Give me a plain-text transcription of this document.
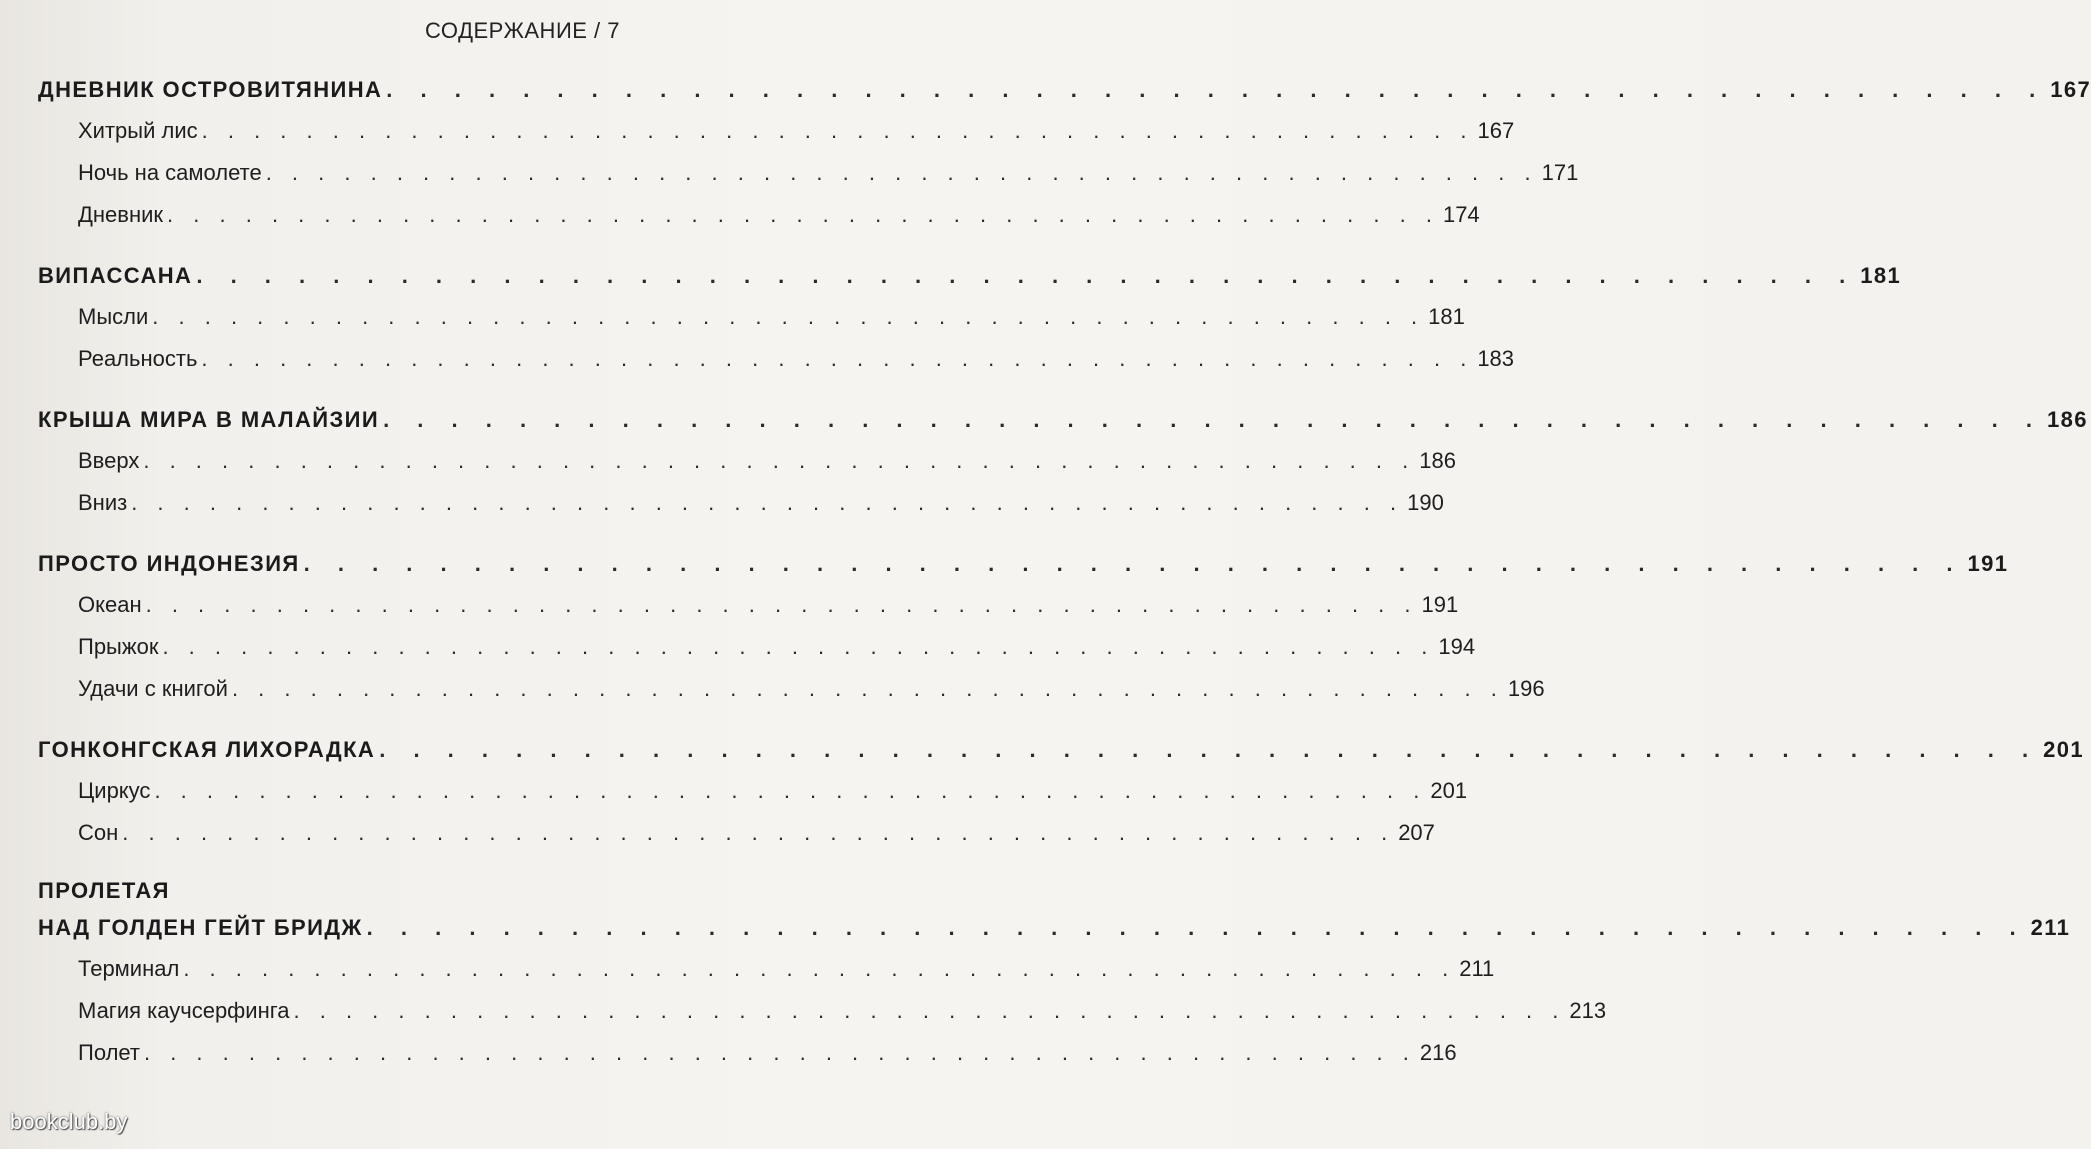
СОДЕРЖАНИЕ / 7
ДНЕВНИК ОСТРОВИТЯНИНА . . . . . . . . . . . . . . . . . . . . . . . . . . . . . . . . . . . . . . . . . . . . . . . . . 167
Хитрый лис . . . . . . . . . . . . . . . . . . . . . . . . . . . . . . . . . . . . . . . . . . . . . . . . . 167
Ночь на самолете . . . . . . . . . . . . . . . . . . . . . . . . . . . . . . . . . . . . . . . . . . . . . . . . . 171
Дневник . . . . . . . . . . . . . . . . . . . . . . . . . . . . . . . . . . . . . . . . . . . . . . . . . 174
ВИПАССАНА . . . . . . . . . . . . . . . . . . . . . . . . . . . . . . . . . . . . . . . . . . . . . . . . . 181
Мысли . . . . . . . . . . . . . . . . . . . . . . . . . . . . . . . . . . . . . . . . . . . . . . . . . 181
Реальность . . . . . . . . . . . . . . . . . . . . . . . . . . . . . . . . . . . . . . . . . . . . . . . . . 183
КРЫША МИРА В МАЛАЙЗИИ . . . . . . . . . . . . . . . . . . . . . . . . . . . . . . . . . . . . . . . . . . . . . . . . . 186
Вверх . . . . . . . . . . . . . . . . . . . . . . . . . . . . . . . . . . . . . . . . . . . . . . . . . 186
Вниз . . . . . . . . . . . . . . . . . . . . . . . . . . . . . . . . . . . . . . . . . . . . . . . . . 190
ПРОСТО ИНДОНЕЗИЯ . . . . . . . . . . . . . . . . . . . . . . . . . . . . . . . . . . . . . . . . . . . . . . . . . 191
Океан . . . . . . . . . . . . . . . . . . . . . . . . . . . . . . . . . . . . . . . . . . . . . . . . . 191
Прыжок . . . . . . . . . . . . . . . . . . . . . . . . . . . . . . . . . . . . . . . . . . . . . . . . . 194
Удачи с книгой . . . . . . . . . . . . . . . . . . . . . . . . . . . . . . . . . . . . . . . . . . . . . . . . . 196
ГОНКОНГСКАЯ ЛИХОРАДКА . . . . . . . . . . . . . . . . . . . . . . . . . . . . . . . . . . . . . . . . . . . . . . . . . 201
Циркус . . . . . . . . . . . . . . . . . . . . . . . . . . . . . . . . . . . . . . . . . . . . . . . . . 201
Сон . . . . . . . . . . . . . . . . . . . . . . . . . . . . . . . . . . . . . . . . . . . . . . . . . 207
ПРОЛЕТАЯ
НАД ГОЛДЕН ГЕЙТ БРИДЖ . . . . . . . . . . . . . . . . . . . . . . . . . . . . . . . . . . . . . . . . . . . . . . . . . 211
Терминал . . . . . . . . . . . . . . . . . . . . . . . . . . . . . . . . . . . . . . . . . . . . . . . . . 211
Магия каучсерфинга . . . . . . . . . . . . . . . . . . . . . . . . . . . . . . . . . . . . . . . . . . . . . . . . . 213
Полет . . . . . . . . . . . . . . . . . . . . . . . . . . . . . . . . . . . . . . . . . . . . . . . . . 216
bookclub.by
